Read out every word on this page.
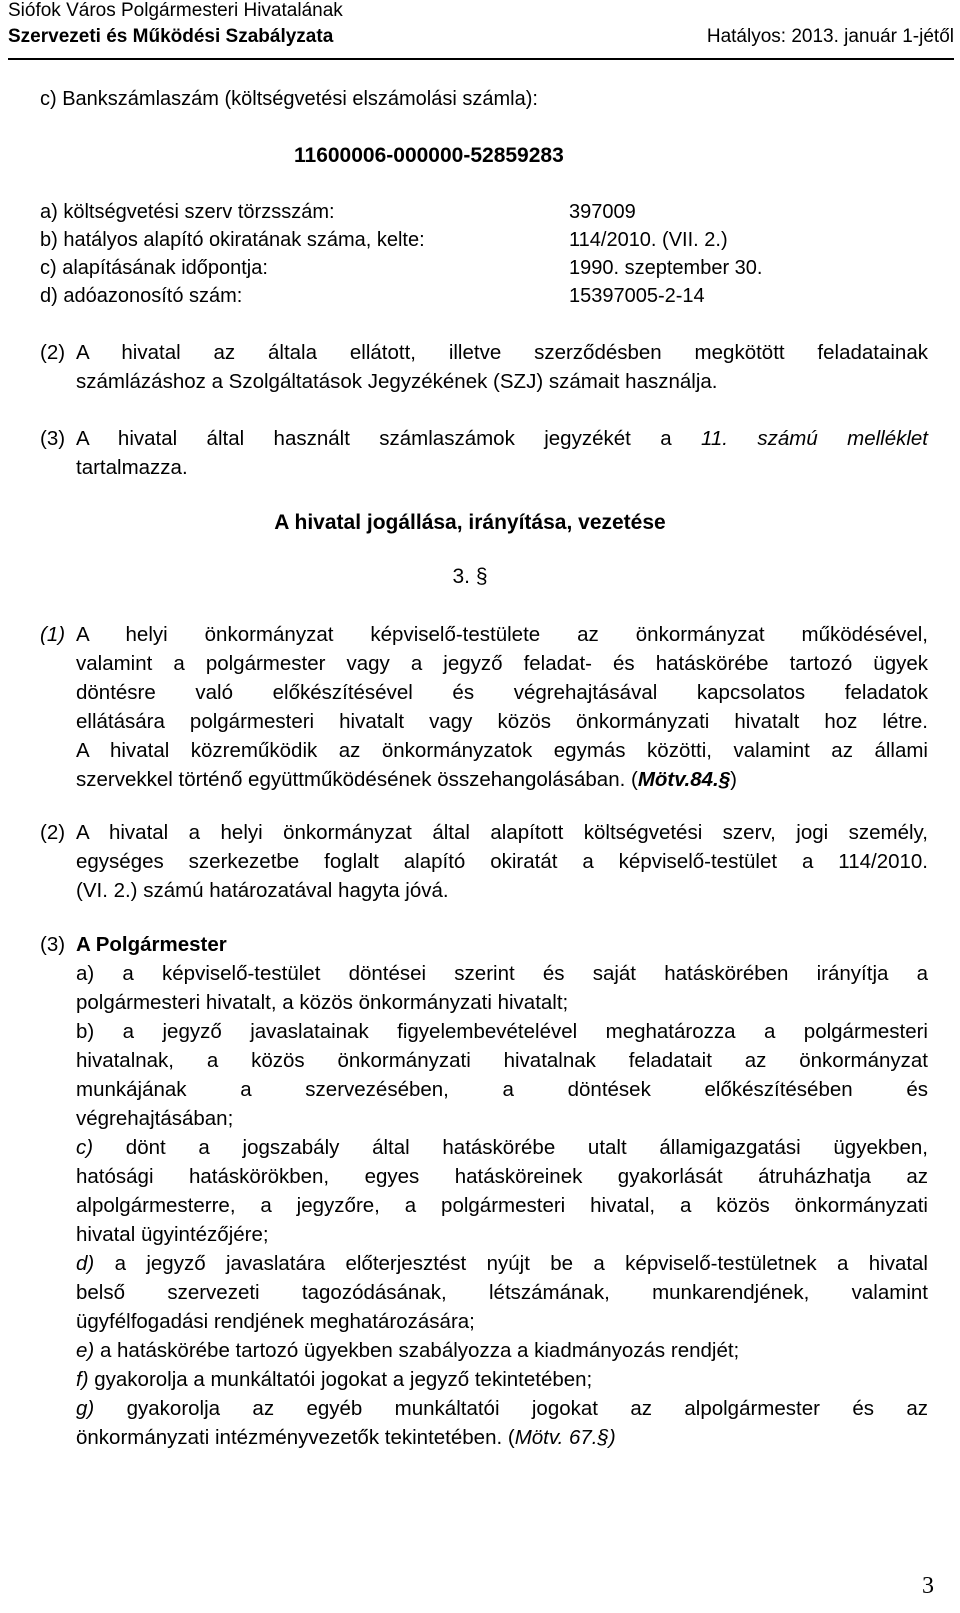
Siófok Város Polgármesteri Hivatalának
Szervezeti és Működési Szabályzata	Hatályos: 2013. január 1-jétől
c) Bankszámlaszám (költségvetési elszámolási számla):
11600006-000000-52859283
a) költségvetési szerv törzsszám:	397009
b) hatályos alapító okiratának száma, kelte:	114/2010. (VII. 2.)
c) alapításának időpontja:	1990. szeptember 30.
d) adóazonosító szám:	15397005-2-14
(2) A hivatal az általa ellátott, illetve szerződésben megkötött feladatainak
számlázáshoz a Szolgáltatások Jegyzékének (SZJ) számait használja.
(3) A hivatal által használt számlaszámok jegyzékét a 11. számú melléklet
tartalmazza.
A hivatal jogállása, irányítása, vezetése
3. §
(1) A helyi önkormányzat képviselő-testülete az önkormányzat működésével,
valamint a polgármester vagy a jegyző feladat- és hatáskörébe tartozó ügyek
döntésre való előkészítésével és végrehajtásával kapcsolatos feladatok
ellátására polgármesteri hivatalt vagy közös önkormányzati hivatalt hoz létre.
A hivatal közreműködik az önkormányzatok egymás közötti, valamint az állami
szervekkel történő együttműködésének összehangolásában. (Mötv.84.§)
(2) A hivatal a helyi önkormányzat által alapított költségvetési szerv, jogi személy,
egységes szerkezetbe foglalt alapító okiratát a képviselő-testület a 114/2010.
(VI. 2.) számú határozatával hagyta jóvá.
(3) A Polgármester
a) a képviselő-testület döntései szerint és saját hatáskörében irányítja a
polgármesteri hivatalt, a közös önkormányzati hivatalt;
b) a jegyző javaslatainak figyelembevételével meghatározza a polgármesteri
hivatalnak, a közös önkormányzati hivatalnak feladatait az önkormányzat
munkájának a szervezésében, a döntések előkészítésében és
végrehajtásában;
c) dönt a jogszabály által hatáskörébe utalt államigazgatási ügyekben,
hatósági hatáskörökben, egyes hatásköreinek gyakorlását átruházhatja az
alpolgármesterre, a jegyzőre, a polgármesteri hivatal, a közös önkormányzati
hivatal ügyintézőjére;
d) a jegyző javaslatára előterjesztést nyújt be a képviselő-testületnek a hivatal
belső szervezeti tagozódásának, létszámának, munkarendjének, valamint
ügyfélfogadási rendjének meghatározására;
e) a hatáskörébe tartozó ügyekben szabályozza a kiadmányozás rendjét;
f) gyakorolja a munkáltatói jogokat a jegyző tekintetében;
g) gyakorolja az egyéb munkáltatói jogokat az alpolgármester és az
önkormányzati intézményvezetők tekintetében. (Mötv. 67.§)
3
